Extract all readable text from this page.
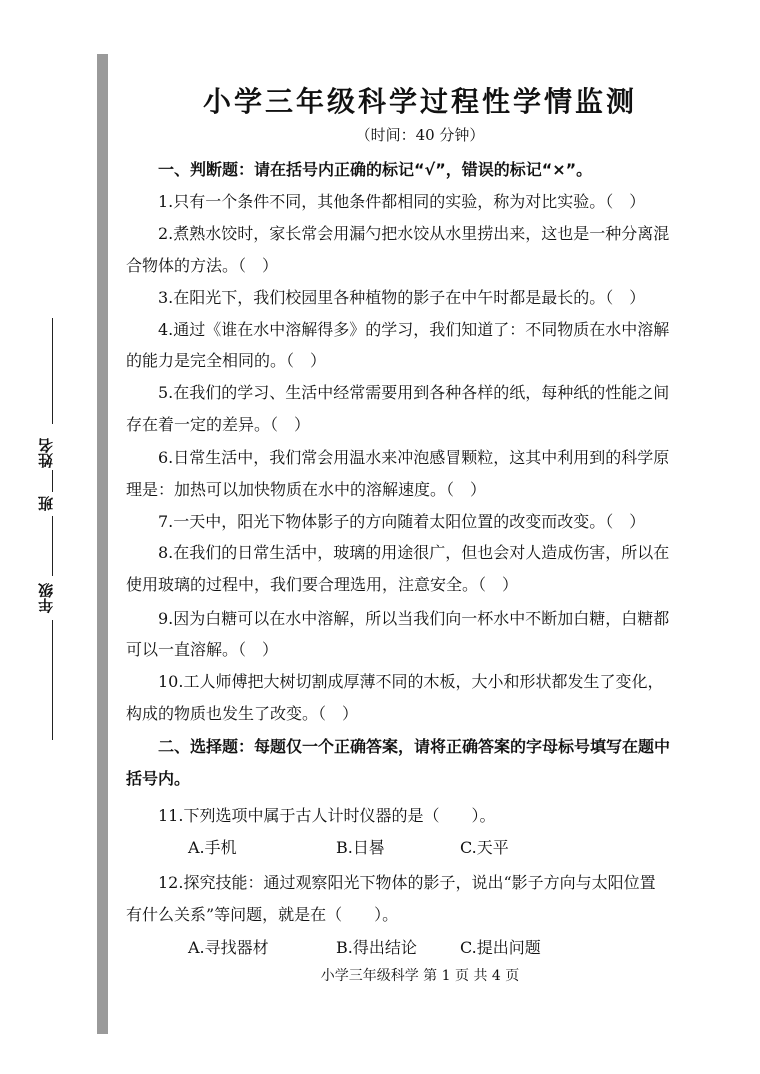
姓名
班
年级
小学三年级科学过程性学情监测
（时间：40 分钟）
一、判断题：请在括号内正确的标记“√”，错误的标记“×”。
1.只有一个条件不同，其他条件都相同的实验，称为对比实验。（　）
2.煮熟水饺时，家长常会用漏勺把水饺从水里捞出来，这也是一种分离混
合物体的方法。（　）
3.在阳光下，我们校园里各种植物的影子在中午时都是最长的。（　）
4.通过《谁在水中溶解得多》的学习，我们知道了：不同物质在水中溶解
的能力是完全相同的。（　）
5.在我们的学习、生活中经常需要用到各种各样的纸，每种纸的性能之间
存在着一定的差异。（　）
6.日常生活中，我们常会用温水来冲泡感冒颗粒，这其中利用到的科学原
理是：加热可以加快物质在水中的溶解速度。（　）
7.一天中，阳光下物体影子的方向随着太阳位置的改变而改变。（　）
8.在我们的日常生活中，玻璃的用途很广，但也会对人造成伤害，所以在
使用玻璃的过程中，我们要合理选用，注意安全。（　）
9.因为白糖可以在水中溶解，所以当我们向一杯水中不断加白糖，白糖都
可以一直溶解。（　）
10.工人师傅把大树切割成厚薄不同的木板，大小和形状都发生了变化，
构成的物质也发生了改变。（　）
二、选择题：每题仅一个正确答案，请将正确答案的字母标号填写在题中
括号内。
11.下列选项中属于古人计时仪器的是（　　）。
A.手机	B.日晷	C.天平
12.探究技能：通过观察阳光下物体的影子，说出“影子方向与太阳位置
有什么关系”等问题，就是在（　　）。
A.寻找器材	B.得出结论	C.提出问题
小学三年级科学 第 1 页 共 4 页
